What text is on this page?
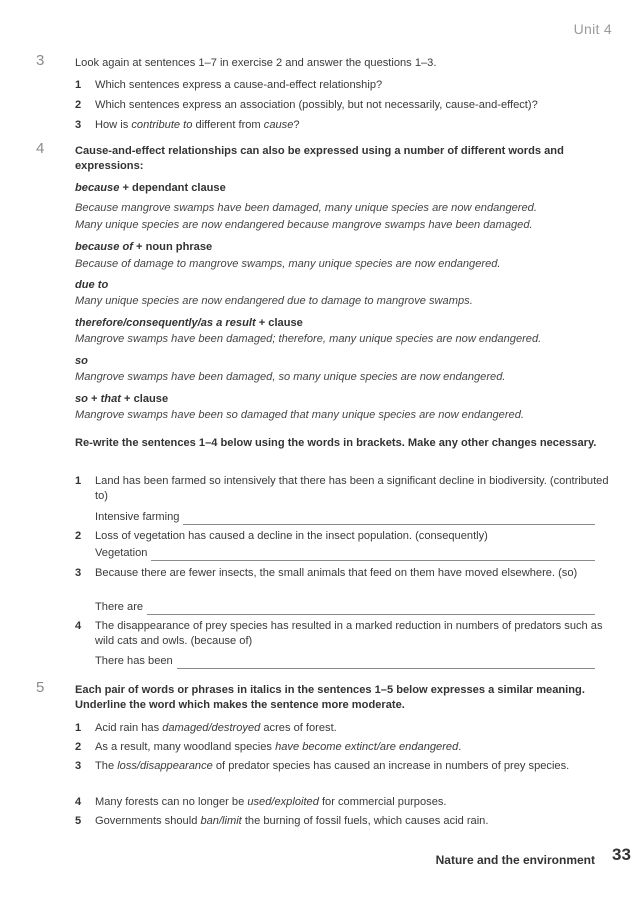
Unit 4
3	Look again at sentences 1–7 in exercise 2 and answer the questions 1–3.
1	Which sentences express a cause-and-effect relationship?
2	Which sentences express an association (possibly, but not necessarily, cause-and-effect)?
3	How is contribute to different from cause?
4	Cause-and-effect relationships can also be expressed using a number of different words and expressions:
because + dependant clause
Because mangrove swamps have been damaged, many unique species are now endangered.
Many unique species are now endangered because mangrove swamps have been damaged.
because of + noun phrase
Because of damage to mangrove swamps, many unique species are now endangered.
due to
Many unique species are now endangered due to damage to mangrove swamps.
therefore/consequently/as a result + clause
Mangrove swamps have been damaged; therefore, many unique species are now endangered.
so
Mangrove swamps have been damaged, so many unique species are now endangered.
so + that + clause
Mangrove swamps have been so damaged that many unique species are now endangered.
Re-write the sentences 1–4 below using the words in brackets. Make any other changes necessary.
1	Land has been farmed so intensively that there has been a significant decline in biodiversity. (contributed to)
Intensive farming
2	Loss of vegetation has caused a decline in the insect population. (consequently)
Vegetation
3	Because there are fewer insects, the small animals that feed on them have moved elsewhere. (so)
There are
4	The disappearance of prey species has resulted in a marked reduction in numbers of predators such as wild cats and owls. (because of)
There has been
5	Each pair of words or phrases in italics in the sentences 1–5 below expresses a similar meaning. Underline the word which makes the sentence more moderate.
1	Acid rain has damaged/destroyed acres of forest.
2	As a result, many woodland species have become extinct/are endangered.
3	The loss/disappearance of predator species has caused an increase in numbers of prey species.
4	Many forests can no longer be used/exploited for commercial purposes.
5	Governments should ban/limit the burning of fossil fuels, which causes acid rain.
Nature and the environment 33
